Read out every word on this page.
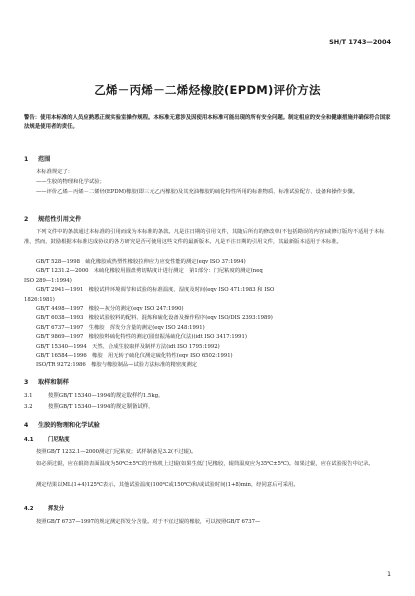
SH/T 1743—2004
乙烯－丙烯－二烯烃橡胶(EPDM)评价方法
警告：使用本标准的人员应熟悉正规实验室操作规程。本标准无意涉及因使用本标准可能出现的所有安全问题。制定相应的安全和健康措施并确保符合国家法规是使用者的责任。
1 范围
本标准规定了：
——生胶的物理和化学试验；
——评价乙烯－丙烯－二烯烃(EPDM)橡胶(即三元乙丙橡胶)及其充油橡胶的硫化特性所用的标准物质、标准试验配方、设备和操作步骤。
2 规范性引用文件
下列文件中的条款通过本标准的引用而成为本标准的条款。凡是注日期的引用文件，其随后所有的修改单(不包括勘误的内容)或修订版均不适用于本标准，然而，鼓励根据本标准达成协议的各方研究是否可使用这些文件的最新版本。凡是不注日期的引用文件，其最新版本适用于本标准。
GB/T 528—1998　硫化橡胶或热塑性橡胶拉伸应力应变性能的测定(eqv ISO 37:1994)
GB/T 1231.2—2000　未硫化橡胶用圆盘剪切粘度计进行测定　第1部分：门尼粘度的测定(neq
ISO 289—1:1994)
GB/T 2941—1991　橡胶试样环境调节和试验的标准温度、湿度及时间(eqv ISO 471:1983 和 ISO
1826:1981)
GB/T 4498—1997　橡胶—灰分的测定(eqv ISO 247:1990)
GB/T 6038—1993　橡胶试验胶料的配料、混炼和硫化设备及操作程序(eqv ISO/DIS 2393:1989)
GB/T 6737—1997　生橡胶　挥发分含量的测定(eqv ISO 248:1991)
GB/T 9869—1997　橡胶胶料硫化特性的测定(圆盘振荡硫化仪法)(idt ISO 3417:1991)
GB/T 15340—1994　天然、合成生胶取样及制样方法(idt ISO 1795:1992)
GB/T 16584—1996　橡胶　用无转子硫化仪测定硫化特性(eqv ISO 6502:1991)
ISO/TR 9272:1986　橡胶与橡胶制品—试验方法标准的精密度测定
3 取样和制样
3.1	按照GB/T 15340—1994的规定取样约1.5kg。
3.2	按照GB/T 15340—1994的规定制备试样。
4 生胶的物理和化学试验
4.1	门尼粘度
按照GB/T 1232.1—2000测定门尼粘度；试样制备见3.2(不过辊)。
如必须过辊，应在辊筒表面温度为50℃±5℃的开炼机上过辊(如果生低门尼橡胶，辊筒温度应为35℃±5℃)。如果过辊，应在试验报告中记录。
测定结果以ML(1+4)125℃表示。其他试验温度(100℃或150℃)和/或试验时间(1+8)min，经同意后可采用。
4.2	挥发分
按照GB/T 6737—1997的规定测定挥发分含量。对于不宜过辊的橡胶，可以按照GB/T 6737—
1
